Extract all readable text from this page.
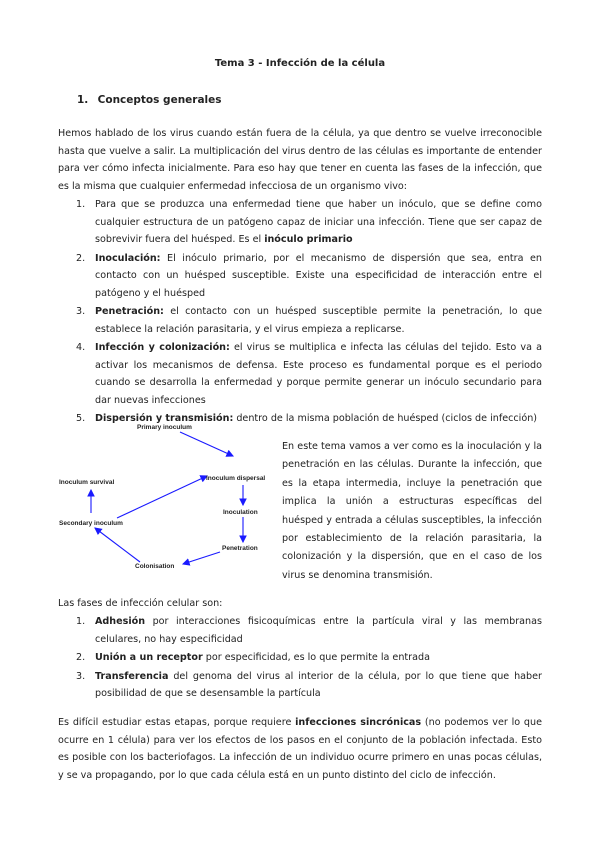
Tema 3 - Infección de la célula
1. Conceptos generales

Hemos hablado de los virus cuando están fuera de la célula, ya que dentro se vuelve irreconocible hasta que vuelve a salir. La multiplicación del virus dentro de las células es importante de entender para ver cómo infecta inicialmente. Para eso hay que tener en cuenta las fases de la infección, que es la misma que cualquier enfermedad infecciosa de un organismo vivo:

1.	Para que se produzca una enfermedad tiene que haber un inóculo, que se define como cualquier estructura de un patógeno capaz de iniciar una infección. Tiene que ser capaz de sobrevivir fuera del huésped. Es el inóculo primario
2.	Inoculación: El inóculo primario, por el mecanismo de dispersión que sea, entra en contacto con un huésped susceptible. Existe una especificidad de interacción entre el patógeno y el huésped
3.	Penetración: el contacto con un huésped susceptible permite la penetración, lo que establece la relación parasitaria, y el virus empieza a replicarse.
4.	Infección y colonización: el virus se multiplica e infecta las células del tejido. Esto va a activar los mecanismos de defensa. Este proceso es fundamental porque es el periodo cuando se desarrolla la enfermedad y porque permite generar un inóculo secundario para dar nuevas infecciones
5.	Dispersión y transmisión: dentro de la misma población de huésped (ciclos de infección)
Primary inoculum
Inoculum dispersal
Inoculum survival
Inoculation
Secondary inoculum
Penetration
Colonisation

En este tema vamos a ver como es la inoculación y la penetración en las células. Durante la infección, que es la etapa intermedia, incluye la penetración que implica la unión a estructuras específicas del huésped y entrada a células susceptibles, la infección por establecimiento de la relación parasitaria, la colonización y la dispersión, que en el caso de los virus se denomina transmisión.

Las fases de infección celular son:

1.	Adhesión por interacciones fisicoquímicas entre la partícula viral y las membranas celulares, no hay especificidad
2.	Unión a un receptor por especificidad, es lo que permite la entrada
3.	Transferencia del genoma del virus al interior de la célula, por lo que tiene que haber posibilidad de que se desensamble la partícula

Es difícil estudiar estas etapas, porque requiere infecciones sincrónicas (no podemos ver lo que ocurre en 1 célula) para ver los efectos de los pasos en el conjunto de la población infectada. Esto es posible con los bacteriofagos. La infección de un individuo ocurre primero en unas pocas células, y se va propagando, por lo que cada célula está en un punto distinto del ciclo de infección.
